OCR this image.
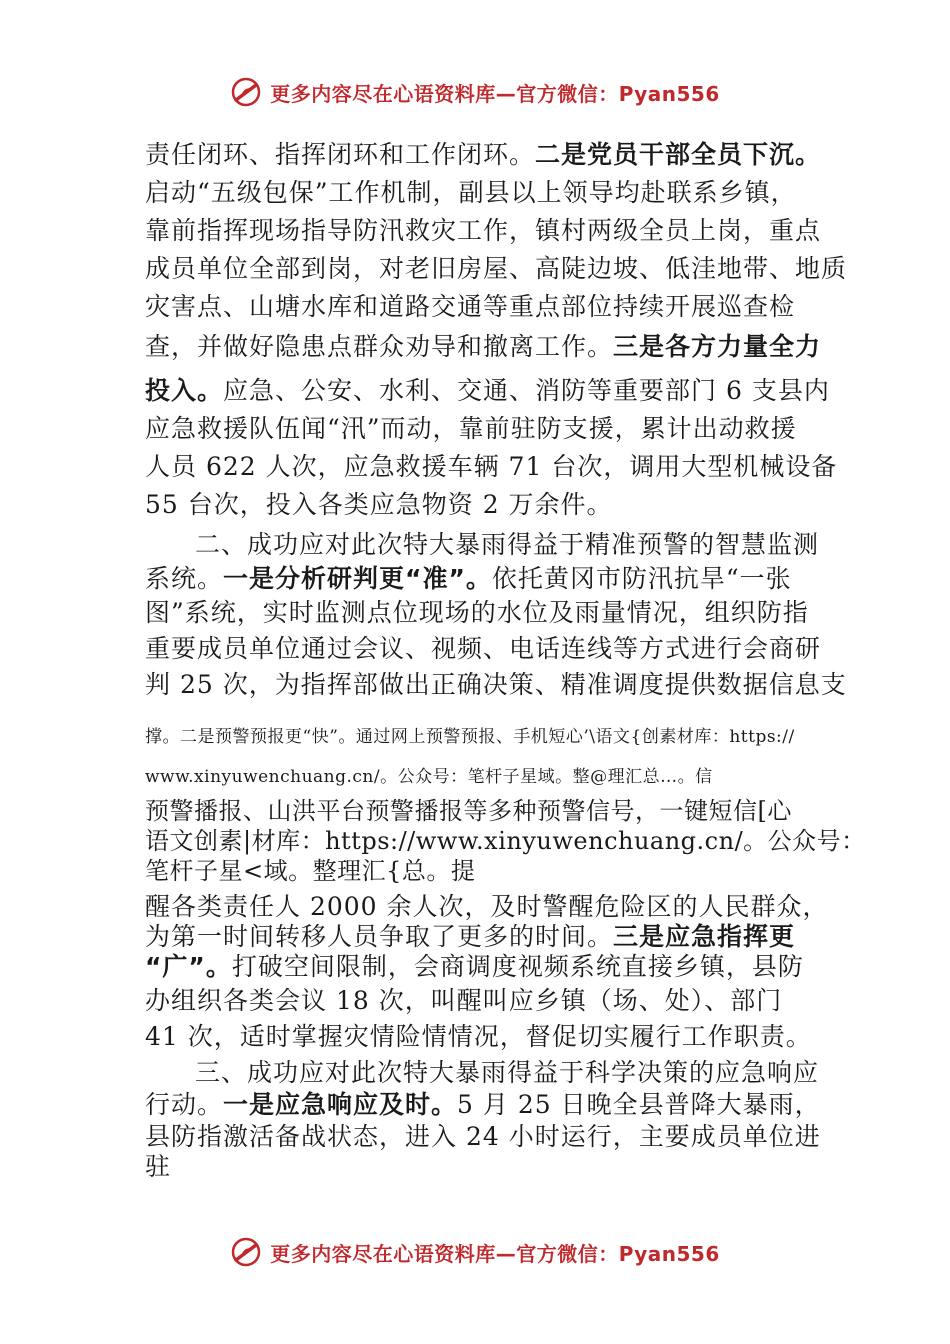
更多内容尽在心语资料库—官方微信：Pyan556
责任闭环、指挥闭环和工作闭环。二是党员干部全员下沉。
启动“五级包保”工作机制，副县以上领导均赴联系乡镇，
靠前指挥现场指导防汛救灾工作，镇村两级全员上岗，重点
成员单位全部到岗，对老旧房屋、高陡边坡、低洼地带、地质
灾害点、山塘水库和道路交通等重点部位持续开展巡查检
查，并做好隐患点群众劝导和撤离工作。三是各方力量全力
投入。应急、公安、水利、交通、消防等重要部门 6 支县内
应急救援队伍闻“汛”而动，靠前驻防支援，累计出动救援
人员 622 人次，应急救援车辆 71 台次，调用大型机械设备
55 台次，投入各类应急物资 2 万余件。
二、成功应对此次特大暴雨得益于精准预警的智慧监测
系统。一是分析研判更“准”。依托黄冈市防汛抗旱“一张
图”系统，实时监测点位现场的水位及雨量情况，组织防指
重要成员单位通过会议、视频、电话连线等方式进行会商研
判 25 次，为指挥部做出正确决策、精准调度提供数据信息支
撑。二是预警预报更“快”。通过网上预警预报、手机短心’\语文{创素材库：https://
www.xinyuwenchuang.cn/。公众号：笔杆子星域。整@理汇总…。信
预警播报、山洪平台预警播报等多种预警信号，一键短信[心
语文创素|材库：https://www.xinyuwenchuang.cn/。公众号：
笔杆子星<域。整理汇{总。提
醒各类责任人 2000 余人次，及时警醒危险区的人民群众，
为第一时间转移人员争取了更多的时间。三是应急指挥更
“广”。打破空间限制，会商调度视频系统直接乡镇，县防
办组织各类会议 18 次，叫醒叫应乡镇（场、处）、部门
41 次，适时掌握灾情险情情况，督促切实履行工作职责。
三、成功应对此次特大暴雨得益于科学决策的应急响应
行动。一是应急响应及时。5 月 25 日晚全县普降大暴雨，
县防指激活备战状态，进入 24 小时运行，主要成员单位进
驻
更多内容尽在心语资料库—官方微信：Pyan556
